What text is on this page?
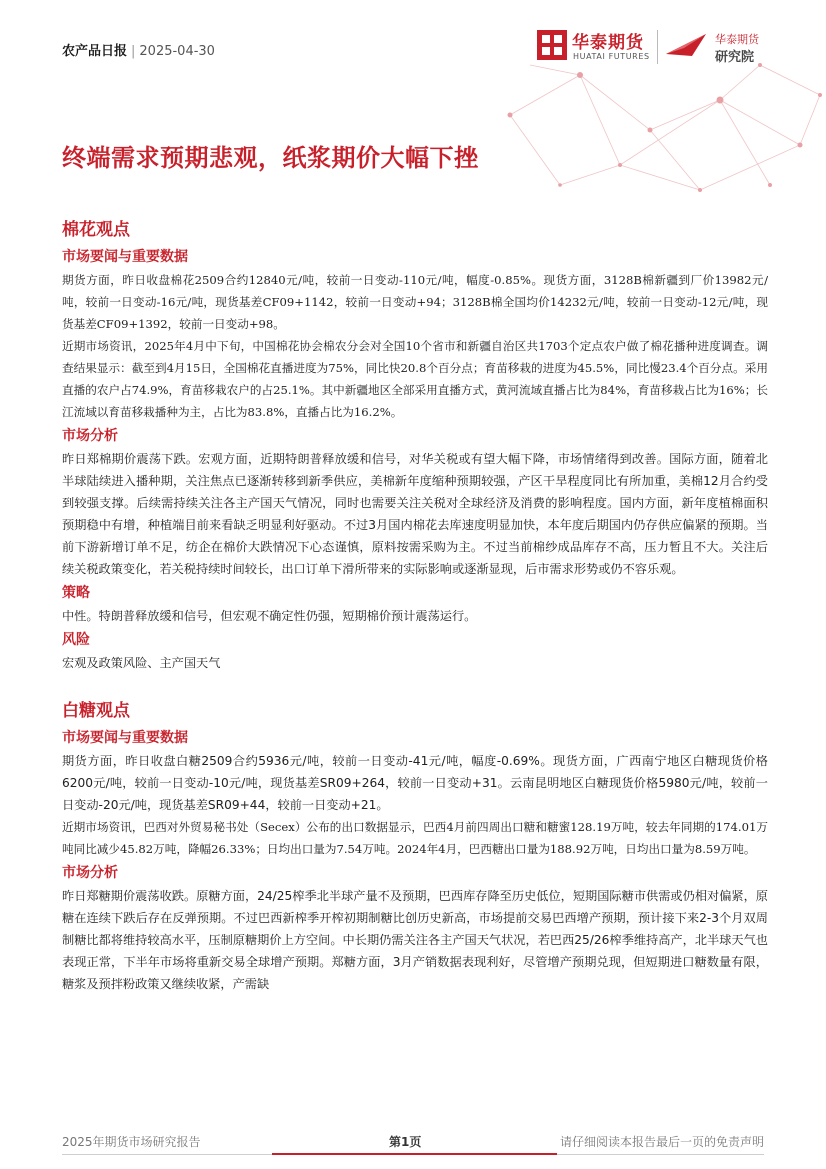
农产品日报 | 2025-04-30	华泰期货
HUATAI FUTURES
华泰期货
研究院
终端需求预期悲观，纸浆期价大幅下挫
棉花观点
市场要闻与重要数据

期货方面，昨日收盘棉花2509合约12840元/吨，较前一日变动-110元/吨，幅度-0.85%。现货方面，3128B棉新疆到厂价13982元/吨，较前一日变动-16元/吨，现货基差CF09+1142，较前一日变动+94；3128B棉全国均价14232元/吨，较前一日变动-12元/吨，现货基差CF09+1392，较前一日变动+98。

近期市场资讯，2025年4月中下旬，中国棉花协会棉农分会对全国10个省市和新疆自治区共1703个定点农户做了棉花播种进度调查。调查结果显示：截至到4月15日，全国棉花直播进度为75%，同比快20.8个百分点；育苗移栽的进度为45.5%，同比慢23.4个百分点。采用直播的农户占74.9%，育苗移栽农户的占25.1%。其中新疆地区全部采用直播方式，黄河流域直播占比为84%，育苗移栽占比为16%；长江流域以育苗移栽播种为主，占比为83.8%，直播占比为16.2%。

市场分析

昨日郑棉期价震荡下跌。宏观方面，近期特朗普释放缓和信号，对华关税或有望大幅下降，市场情绪得到改善。国际方面，随着北半球陆续进入播种期，关注焦点已逐渐转移到新季供应，美棉新年度缩种预期较强，产区干旱程度同比有所加重，美棉12月合约受到较强支撑。后续需持续关注各主产国天气情况，同时也需要关注关税对全球经济及消费的影响程度。国内方面，新年度植棉面积预期稳中有增，种植端目前来看缺乏明显利好驱动。不过3月国内棉花去库速度明显加快，本年度后期国内仍存供应偏紧的预期。当前下游新增订单不足，纺企在棉价大跌情况下心态谨慎，原料按需采购为主。不过当前棉纱成品库存不高，压力暂且不大。关注后续关税政策变化，若关税持续时间较长，出口订单下滑所带来的实际影响或逐渐显现，后市需求形势或仍不容乐观。

策略

中性。特朗普释放缓和信号，但宏观不确定性仍强，短期棉价预计震荡运行。

风险

宏观及政策风险、主产国天气

白糖观点
市场要闻与重要数据

期货方面，昨日收盘白糖2509合约5936元/吨，较前一日变动-41元/吨，幅度-0.69%。现货方面，广西南宁地区白糖现货价格6200元/吨，较前一日变动-10元/吨，现货基差SR09+264，较前一日变动+31。云南昆明地区白糖现货价格5980元/吨，较前一日变动-20元/吨，现货基差SR09+44，较前一日变动+21。

近期市场资讯，巴西对外贸易秘书处（Secex）公布的出口数据显示，巴西4月前四周出口糖和糖蜜128.19万吨，较去年同期的174.01万吨同比减少45.82万吨，降幅26.33%；日均出口量为7.54万吨。2024年4月，巴西糖出口量为188.92万吨，日均出口量为8.59万吨。

市场分析

昨日郑糖期价震荡收跌。原糖方面，24/25榨季北半球产量不及预期，巴西库存降至历史低位，短期国际糖市供需或仍相对偏紧，原糖在连续下跌后存在反弹预期。不过巴西新榨季开榨初期制糖比创历史新高，市场提前交易巴西增产预期，预计接下来2-3个月双周制糖比都将维持较高水平，压制原糖期价上方空间。中长期仍需关注各主产国天气状况，若巴西25/26榨季维持高产，北半球天气也表现正常，下半年市场将重新交易全球增产预期。郑糖方面，3月产销数据表现利好，尽管增产预期兑现，但短期进口糖数量有限，糖浆及预拌粉政策又继续收紧，产需缺

2025年期货市场研究报告	第1页	请仔细阅读本报告最后一页的免责声明
